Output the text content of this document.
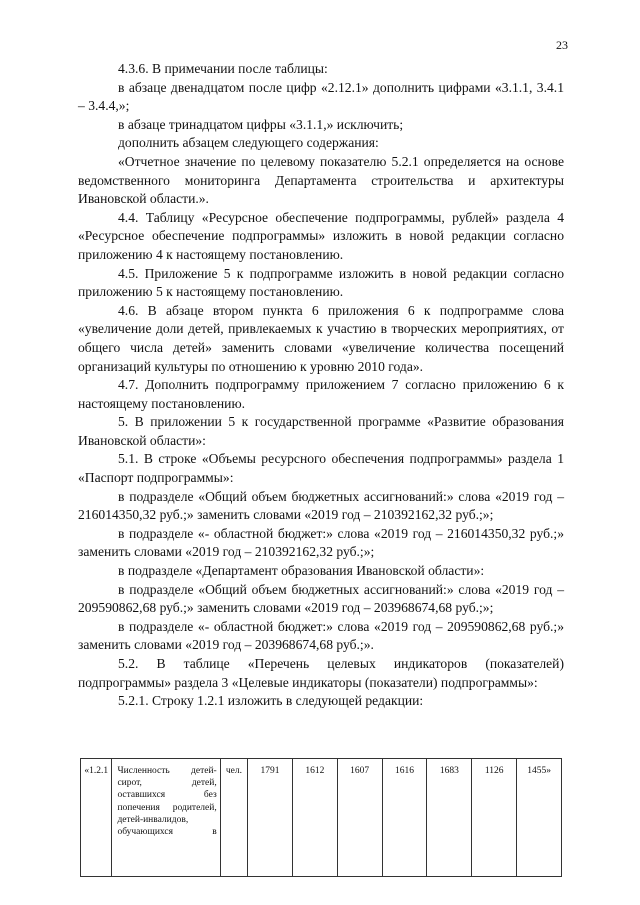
23

4.3.6. В примечании после таблицы:

в абзаце двенадцатом после цифр «2.12.1» дополнить цифрами «3.1.1, 3.4.1 – 3.4.4,»;

в абзаце тринадцатом цифры «3.1.1,» исключить;

дополнить абзацем следующего содержания:

«Отчетное значение по целевому показателю 5.2.1 определяется на основе ведомственного мониторинга Департамента строительства и архитектуры Ивановской области.».

4.4. Таблицу «Ресурсное обеспечение подпрограммы, рублей» раздела 4 «Ресурсное обеспечение подпрограммы» изложить в новой редакции согласно приложению 4 к настоящему постановлению.

4.5. Приложение 5 к подпрограмме изложить в новой редакции согласно приложению 5 к настоящему постановлению.

4.6. В абзаце втором пункта 6 приложения 6 к подпрограмме слова «увеличение доли детей, привлекаемых к участию в творческих мероприятиях, от общего числа детей» заменить словами «увеличение количества посещений организаций культуры по отношению к уровню 2010 года».

4.7. Дополнить подпрограмму приложением 7 согласно приложению 6 к настоящему постановлению.

5. В приложении 5 к государственной программе «Развитие образования Ивановской области»:

5.1. В строке «Объемы ресурсного обеспечения подпрограммы» раздела 1 «Паспорт подпрограммы»:

в подразделе «Общий объем бюджетных ассигнований:» слова «2019 год – 216014350,32 руб.;» заменить словами «2019 год – 210392162,32 руб.;»;

в подразделе «- областной бюджет:» слова «2019 год – 216014350,32 руб.;» заменить словами «2019 год – 210392162,32 руб.;»;

в подразделе «Департамент образования Ивановской области»:

в подразделе «Общий объем бюджетных ассигнований:» слова «2019 год – 209590862,68 руб.;» заменить словами «2019 год – 203968674,68 руб.;»;

в подразделе «- областной бюджет:» слова «2019 год – 209590862,68 руб.;» заменить словами «2019 год – 203968674,68 руб.;».

5.2. В таблице «Перечень целевых индикаторов (показателей) подпрограммы» раздела 3 «Целевые индикаторы (показатели) подпрограммы»:

5.2.1. Строку 1.2.1 изложить в следующей редакции:

«1.2.1	Численность детей-сирот, детей, оставшихся без попечения родителей, детей-инвалидов, обучающихся в	чел.	1791	1612	1607	1616	1683	1126	1455»
